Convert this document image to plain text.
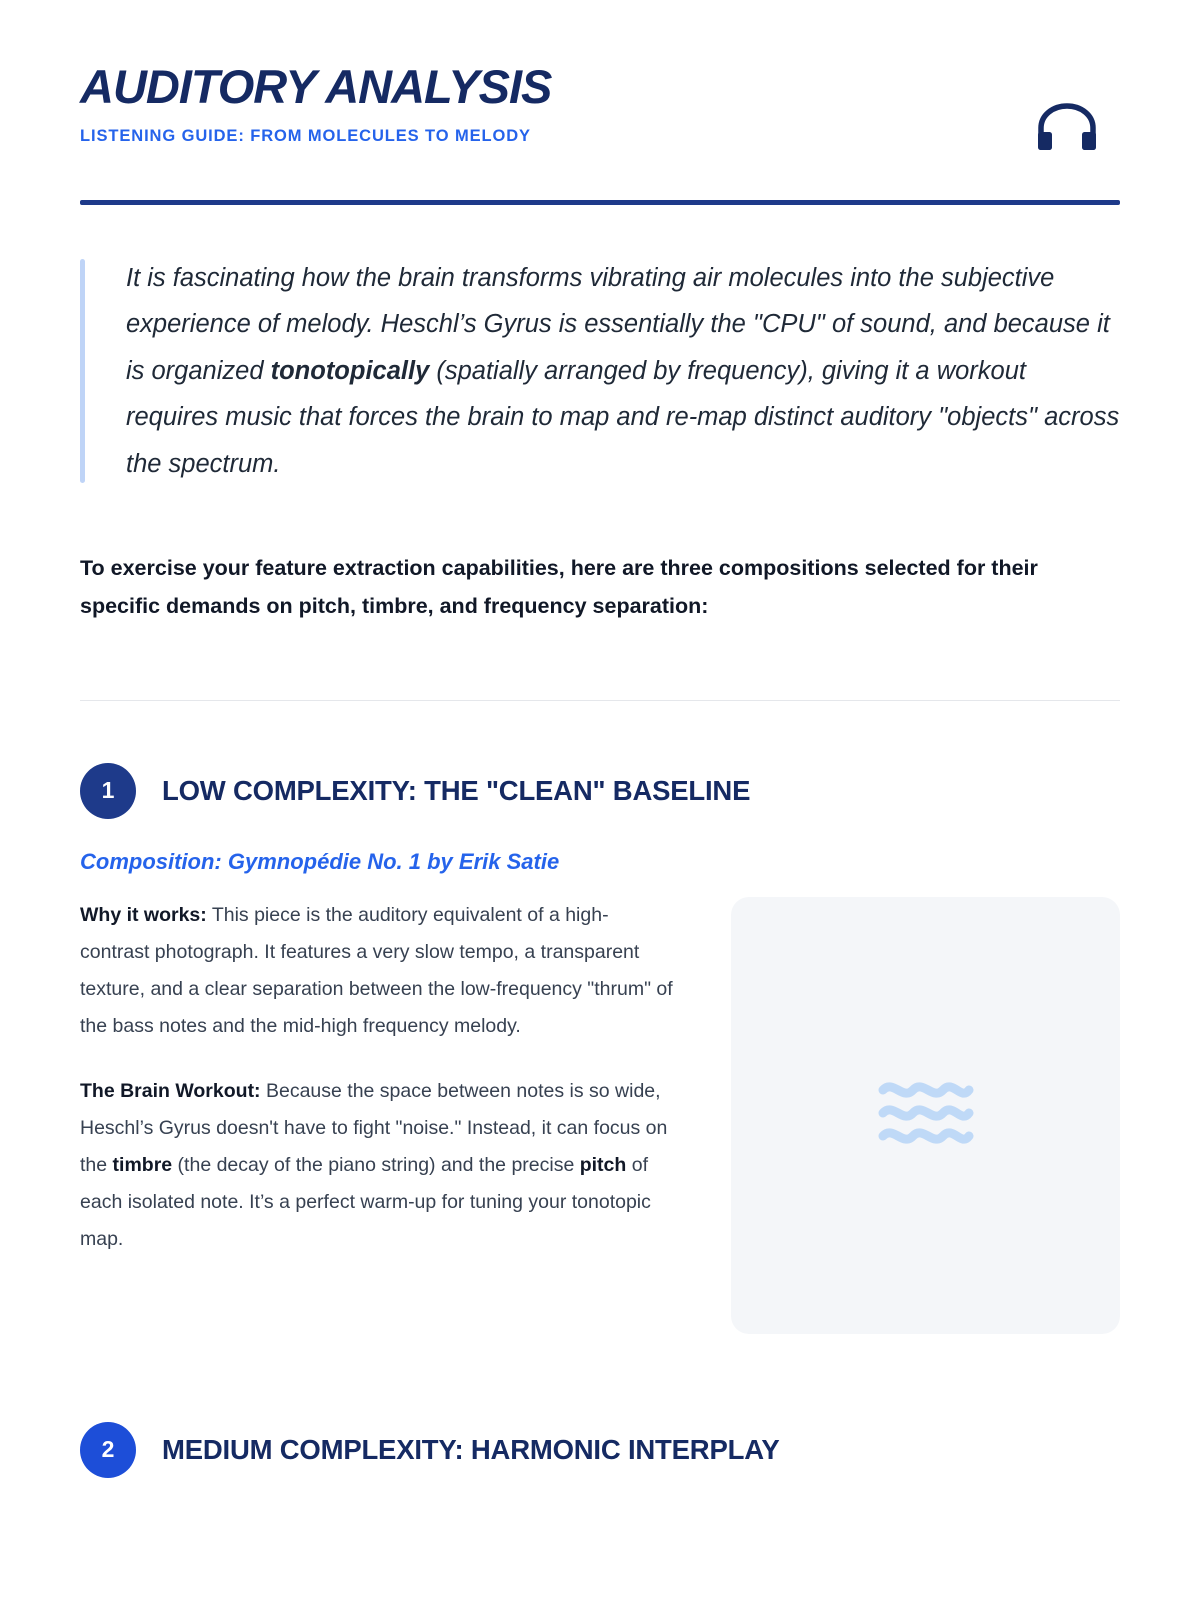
AUDITORY ANALYSIS
LISTENING GUIDE: FROM MOLECULES TO MELODY

It is fascinating how the brain transforms vibrating air molecules into the subjective experience of melody. Heschl’s Gyrus is essentially the "CPU" of sound, and because it is organized tonotopically (spatially arranged by frequency), giving it a workout requires music that forces the brain to map and re-map distinct auditory "objects" across the spectrum.

To exercise your feature extraction capabilities, here are three compositions selected for their specific demands on pitch, timbre, and frequency separation:
1	LOW COMPLEXITY: THE "CLEAN" BASELINE
Composition: Gymnopédie No. 1 by Erik Satie

Why it works: This piece is the auditory equivalent of a high-contrast photograph. It features a very slow tempo, a transparent texture, and a clear separation between the low-frequency "thrum" of the bass notes and the mid-high frequency melody.

The Brain Workout: Because the space between notes is so wide, Heschl’s Gyrus doesn't have to fight "noise." Instead, it can focus on the timbre (the decay of the piano string) and the precise pitch of each isolated note. It’s a perfect warm-up for tuning your tonotopic map.

2	MEDIUM COMPLEXITY: HARMONIC INTERPLAY
